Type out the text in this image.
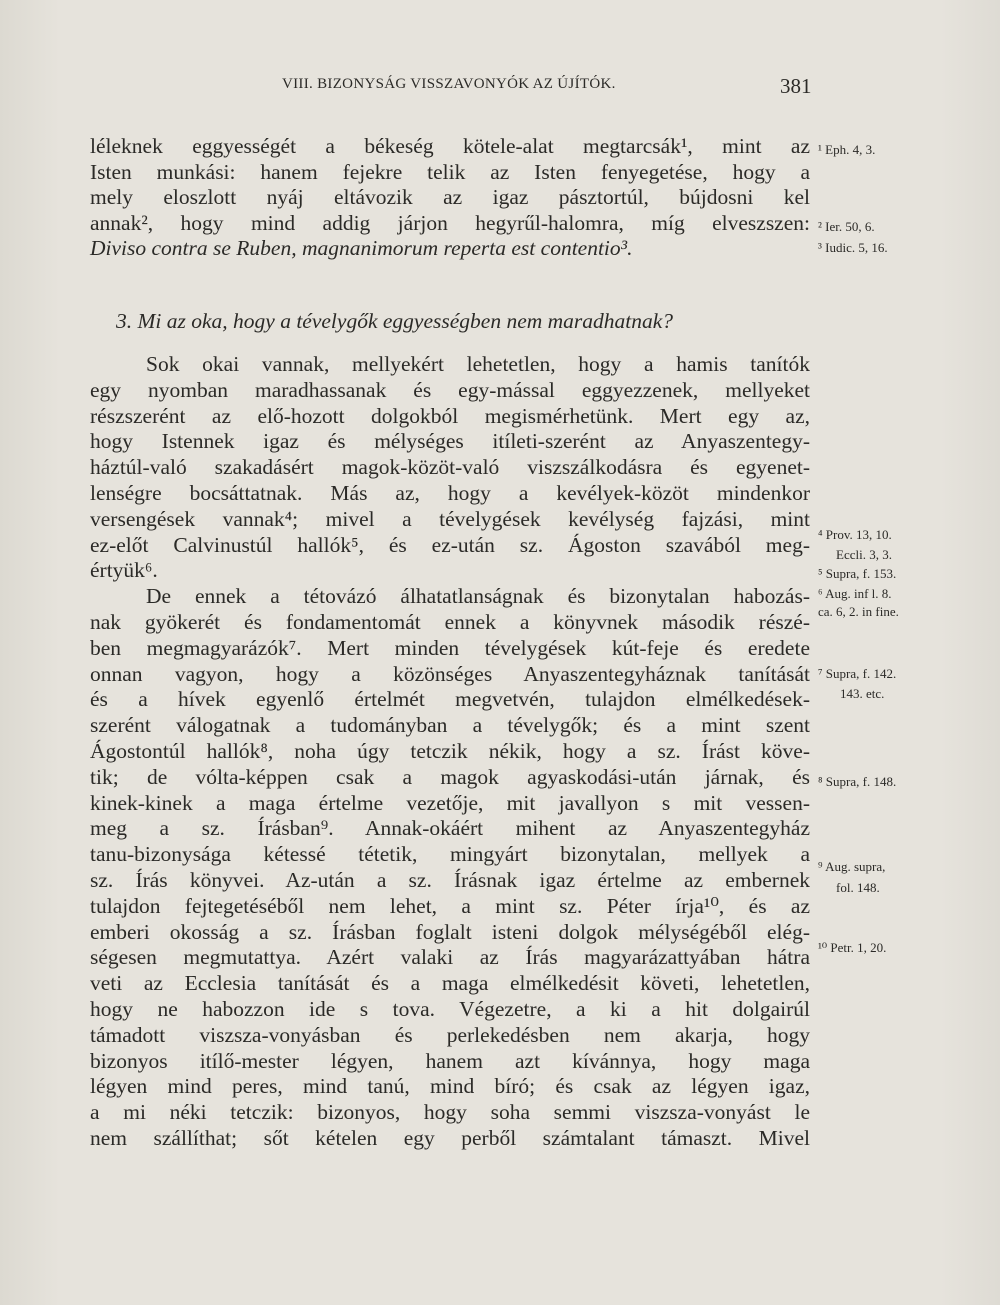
VIII. BIZONYSÁG VISSZAVONYÓK AZ ÚJÍTÓK.	381
léleknek eggyességét a békeség kötele-alat megtarcsák¹, mint az
Isten munkási: hanem fejekre telik az Isten fenyegetése, hogy a
mely eloszlott nyáj eltávozik az igaz pásztortúl, bújdosni kel
annak², hogy mind addig járjon hegyrűl-halomra, míg elveszszen:
Diviso contra se Ruben, magnanimorum reperta est contentio³.
3. Mi az oka, hogy a tévelygők eggyességben nem maradhatnak?
Sok okai vannak, mellyekért lehetetlen, hogy a hamis tanítók
egy nyomban maradhassanak és egy-mással eggyezzenek, mellyeket
részszerént az elő-hozott dolgokból megismérhetünk. Mert egy az,
hogy Istennek igaz és mélységes itíleti-szerént az Anyaszentegy-
háztúl-való szakadásért magok-közöt-való viszszálkodásra és egyenet-
lenségre bocsáttatnak. Más az, hogy a kevélyek-közöt mindenkor
versengések vannak⁴; mivel a tévelygések kevélység fajzási, mint
ez-előt Calvinustúl hallók⁵, és ez-után sz. Ágoston szavából meg-
értyük⁶.
De ennek a tétovázó álhatatlanságnak és bizonytalan habozás-
nak gyökerét és fondamentomát ennek a könyvnek második részé-
ben megmagyarázók⁷. Mert minden tévelygések kút-feje és eredete
onnan vagyon, hogy a közönséges Anyaszentegyháznak tanítását
és a hívek egyenlő értelmét megvetvén, tulajdon elmélkedések-
szerént válogatnak a tudományban a tévelygők; és a mint szent
Ágostontúl hallók⁸, noha úgy tetczik nékik, hogy a sz. Írást köve-
tik; de vólta-képpen csak a magok agyaskodási-után járnak, és
kinek-kinek a maga értelme vezetője, mit javallyon s mit vessen-
meg a sz. Írásban⁹. Annak-okáért mihent az Anyaszentegyház
tanu-bizonysága kétessé tétetik, mingyárt bizonytalan, mellyek a
sz. Írás könyvei. Az-után a sz. Írásnak igaz értelme az embernek
tulajdon fejtegetéséből nem lehet, a mint sz. Péter írja¹⁰, és az
emberi okosság a sz. Írásban foglalt isteni dolgok mélységéből elég-
ségesen megmutattya. Azért valaki az Írás magyarázattyában hátra
veti az Ecclesia tanítását és a maga elmélkedésit követi, lehetetlen,
hogy ne habozzon ide s tova. Végezetre, a ki a hit dolgairúl
támadott viszsza-vonyásban és perlekedésben nem akarja, hogy
bizonyos itílő-mester légyen, hanem azt kívánnya, hogy maga
légyen mind peres, mind tanú, mind bíró; és csak az légyen igaz,
a mi néki tetczik: bizonyos, hogy soha semmi viszsza-vonyást le
nem szállíthat; sőt kételen egy perből számtalant támaszt. Mivel
¹ Eph. 4, 3.
² Ier. 50, 6.
³ Iudic. 5, 16.
⁴ Prov. 13, 10.
Eccli. 3, 3.
⁵ Supra, f. 153.
⁶ Aug. inf l. 8.
ca. 6, 2. in fine.
⁷ Supra, f. 142.
143. etc.
⁸ Supra, f. 148.
⁹ Aug. supra,
fol. 148.
¹⁰ Petr. 1, 20.
